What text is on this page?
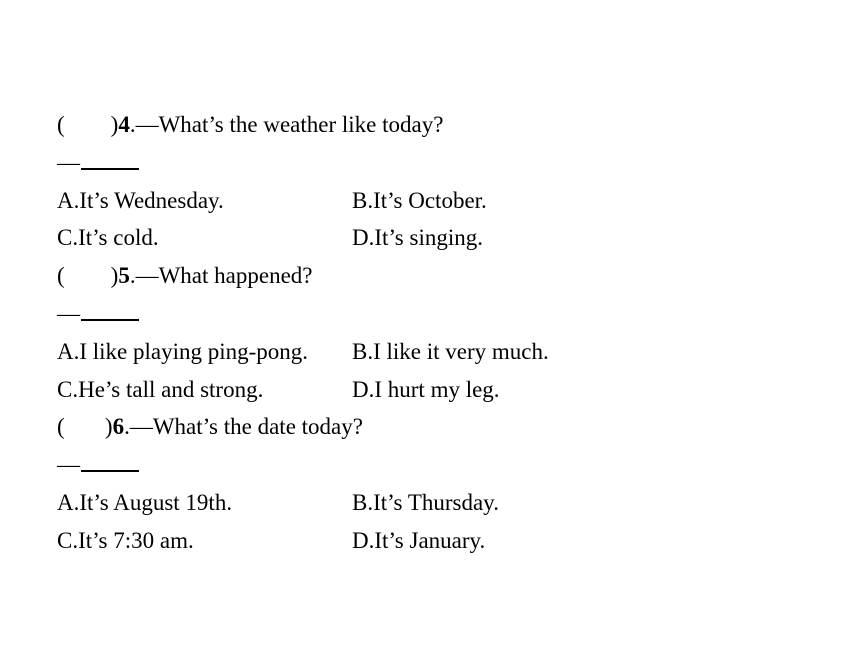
( )4.—What’s the weather like today?
—
A.It’s Wednesday.	B.It’s October.
C.It’s cold.	D.It’s singing.
( )5.—What happened?
—
A.I like playing ping-pong. B.I like it very much.
C.He’s tall and strong.	D.I hurt my leg.
( )6.—What’s the date today?
—
A.It’s August 19th.	B.It’s Thursday.
C.It’s 7:30 am.	D.It’s January.
